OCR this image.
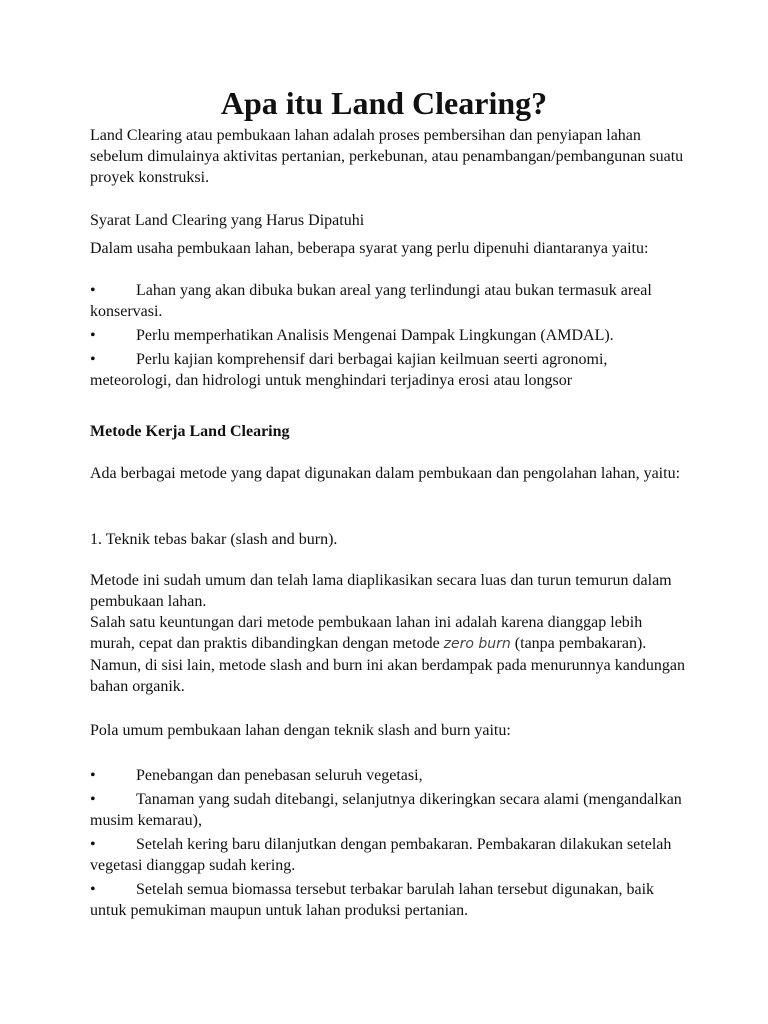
Apa itu Land Clearing?

Land Clearing atau pembukaan lahan adalah proses pembersihan dan penyiapan lahan sebelum dimulainya aktivitas pertanian, perkebunan, atau penambangan/pembangunan suatu proyek konstruksi.

Syarat Land Clearing yang Harus Dipatuhi

Dalam usaha pembukaan lahan, beberapa syarat yang perlu dipenuhi diantaranya yaitu:

•	Lahan yang akan dibuka bukan areal yang terlindungi atau bukan termasuk areal konservasi.

•	Perlu memperhatikan Analisis Mengenai Dampak Lingkungan (AMDAL).

•	Perlu kajian komprehensif dari berbagai kajian keilmuan seerti agronomi, meteorologi, dan hidrologi untuk menghindari terjadinya erosi atau longsor

Metode Kerja Land Clearing

Ada berbagai metode yang dapat digunakan dalam pembukaan dan pengolahan lahan, yaitu:

1. Teknik tebas bakar (slash and burn).

Metode ini sudah umum dan telah lama diaplikasikan secara luas dan turun temurun dalam pembukaan lahan.

Salah satu keuntungan dari metode pembukaan lahan ini adalah karena dianggap lebih murah, cepat dan praktis dibandingkan dengan metode zero burn (tanpa pembakaran). Namun, di sisi lain, metode slash and burn ini akan berdampak pada menurunnya kandungan bahan organik.

Pola umum pembukaan lahan dengan teknik slash and burn yaitu:

•	Penebangan dan penebasan seluruh vegetasi,

•	Tanaman yang sudah ditebangi, selanjutnya dikeringkan secara alami (mengandalkan musim kemarau),

•	Setelah kering baru dilanjutkan dengan pembakaran. Pembakaran dilakukan setelah vegetasi dianggap sudah kering.

•	Setelah semua biomassa tersebut terbakar barulah lahan tersebut digunakan, baik untuk pemukiman maupun untuk lahan produksi pertanian.
